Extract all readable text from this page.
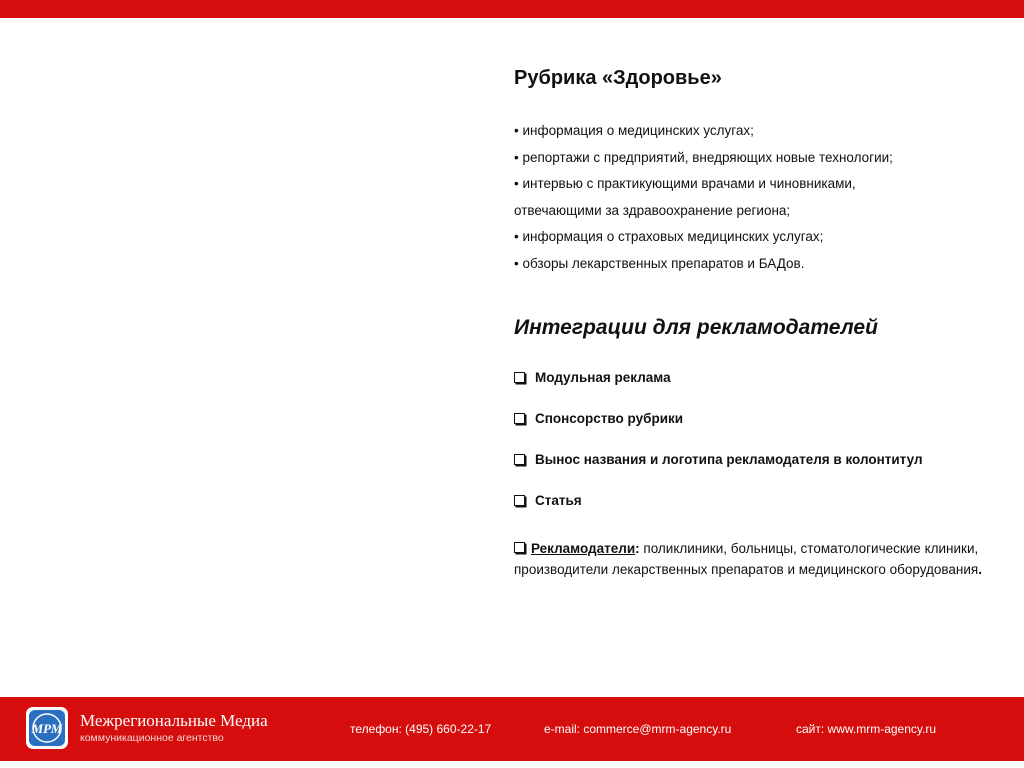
Рубрика «Здоровье»
• информация о медицинских услугах;
• репортажи с предприятий, внедряющих новые технологии;
• интервью с практикующими врачами и чиновниками,
отвечающими за здравоохранение региона;
• информация о страховых медицинских услугах;
• обзоры лекарственных препаратов и БАДов.
Интеграции для рекламодателей
Модульная реклама
Спонсорство рубрики
Вынос названия и логотипа рекламодателя в колонтитул
Статья
Рекламодатели: поликлиники, больницы, стоматологические клиники, производители лекарственных препаратов и медицинского оборудования.
МРМ Межрегиональные Медиа
коммуникационное агентство
телефон: (495) 660-22-17	e-mail: commerce@mrm-agency.ru	сайт: www.mrm-agency.ru
